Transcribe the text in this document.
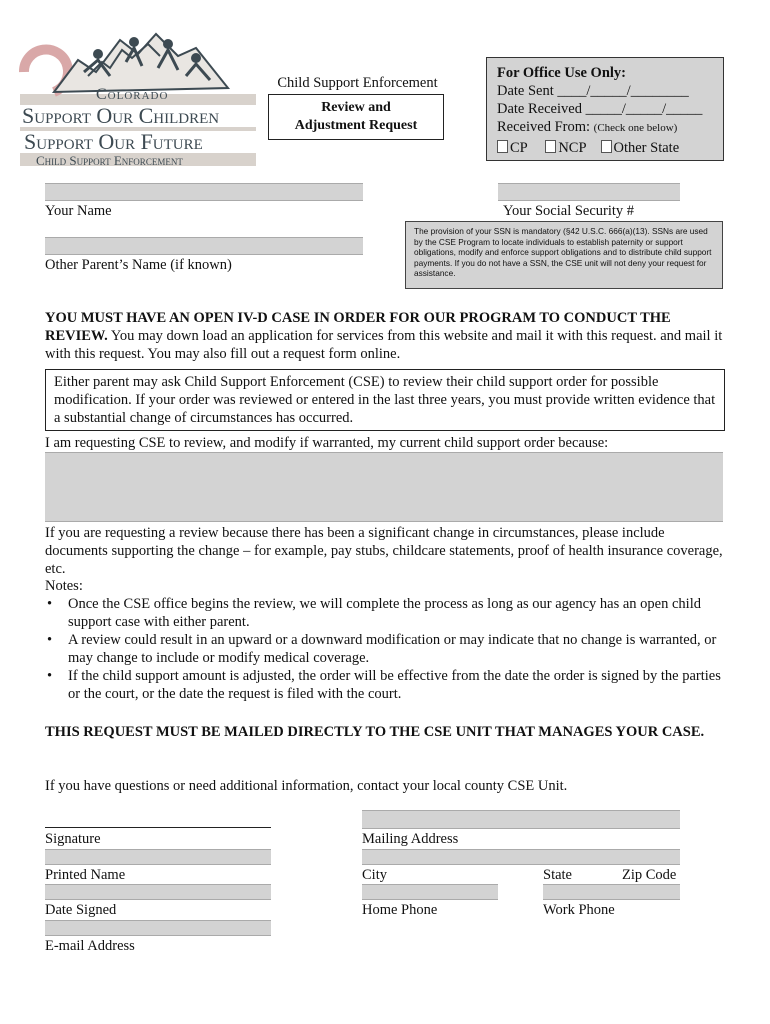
Colorado
Support Our Children
Support Our Future
Child Support Enforcement
Child Support Enforcement
Review and
Adjustment Request
For Office Use Only:
Date Sent ____/_____/________
Date Received _____/_____/_____
Received From: (Check one below)
CP NCP Other State
Your Name	Your Social Security #
Other Parent’s Name (if known)
The provision of your SSN is mandatory (§42 U.S.C. 666(a)(13). SSNs are used by the CSE Program to locate individuals to establish paternity or support obligations, modify and enforce support obligations and to distribute child support payments. If you do not have a SSN, the CSE unit will not deny your request for assistance.
YOU MUST HAVE AN OPEN IV-D CASE IN ORDER FOR OUR PROGRAM TO CONDUCT THE REVIEW. You may down load an application for services from this website and mail it with this request. and mail it with this request. You may also fill out a request form online.
Either parent may ask Child Support Enforcement (CSE) to review their child support order for possible modification. If your order was reviewed or entered in the last three years, you must provide written evidence that a substantial change of circumstances has occurred.
I am requesting CSE to review, and modify if warranted, my current child support order because:
If you are requesting a review because there has been a significant change in circumstances, please include documents supporting the change – for example, pay stubs, childcare statements, proof of health insurance coverage, etc.
Notes:
• Once the CSE office begins the review, we will complete the process as long as our agency has an open child support case with either parent.
• A review could result in an upward or a downward modification or may indicate that no change is warranted, or may change to include or modify medical coverage.
• If the child support amount is adjusted, the order will be effective from the date the order is signed by the parties or the court, or the date the request is filed with the court.
THIS REQUEST MUST BE MAILED DIRECTLY TO THE CSE UNIT THAT MANAGES YOUR CASE.
If you have questions or need additional information, contact your local county CSE Unit.
Signature
Printed Name
Date Signed
E-mail Address
Mailing Address
City	State	Zip Code
Home Phone	Work Phone
